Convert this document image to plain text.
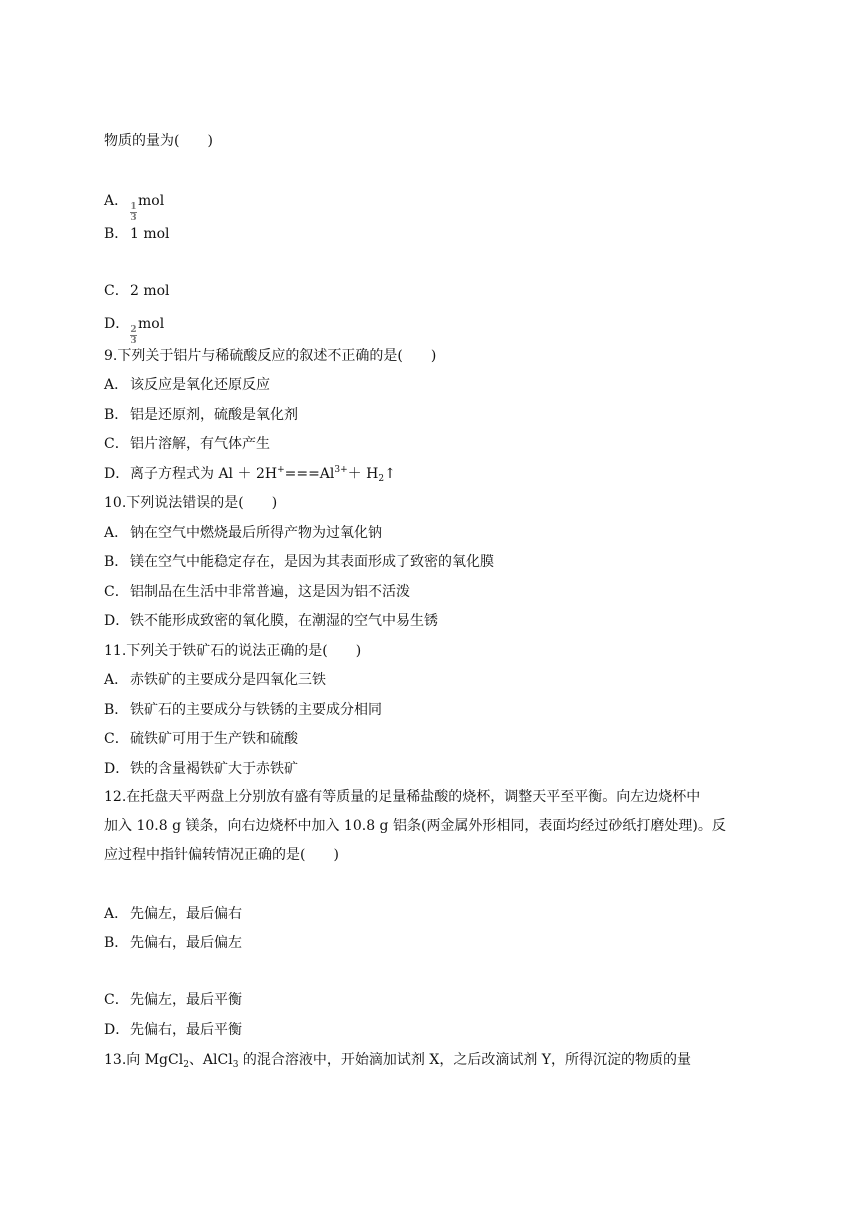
物质的量为(　　)
A．
$\frac{1}{3}$
mol
B． 1 mol
C．2 mol
D．
$\frac{2}{3}$
mol
9.下列关于铝片与稀硫酸反应的叙述不正确的是(　　)
A． 该反应是氧化还原反应
B． 铝是还原剂，硫酸是氧化剂
C．铝片溶解，有气体产生
D．离子方程式为 $Al + 2H^+===Al^{3+}+$ $H_2↑$
10.下列说法错误的是(　　)
A． 钠在空气中燃烧最后所得产物为过氧化钠
B． 镁在空气中能稳定存在，是因为其表面形成了致密的氧化膜
C．铝制品在生活中非常普遍，这是因为铝不活泼
D．铁不能形成致密的氧化膜，在潮湿的空气中易生锈
11.下列关于铁矿石的说法正确的是(　　)
A． 赤铁矿的主要成分是四氧化三铁
B． 铁矿石的主要成分与铁锈的主要成分相同
C．硫铁矿可用于生产铁和硫酸
D．铁的含量褐铁矿大于赤铁矿
12.在托盘天平两盘上分别放有盛有等质量的足量稀盐酸的烧杯，调整天平至平衡。向左边烧杯中
加入 10.8 g 镁条，向右边烧杯中加入 10.8 g 铝条(两金属外形相同，表面均经过砂纸打磨处理)。反
应过程中指针偏转情况正确的是(　　)
A． 先偏左，最后偏右
B． 先偏右，最后偏左
C．先偏左，最后平衡
D．先偏右，最后平衡
13.向 MgCl$_2$、AlCl$_3$ 的混合溶液中，开始滴加试剂 X，之后改滴试剂 Y，所得沉淀的物质的量
